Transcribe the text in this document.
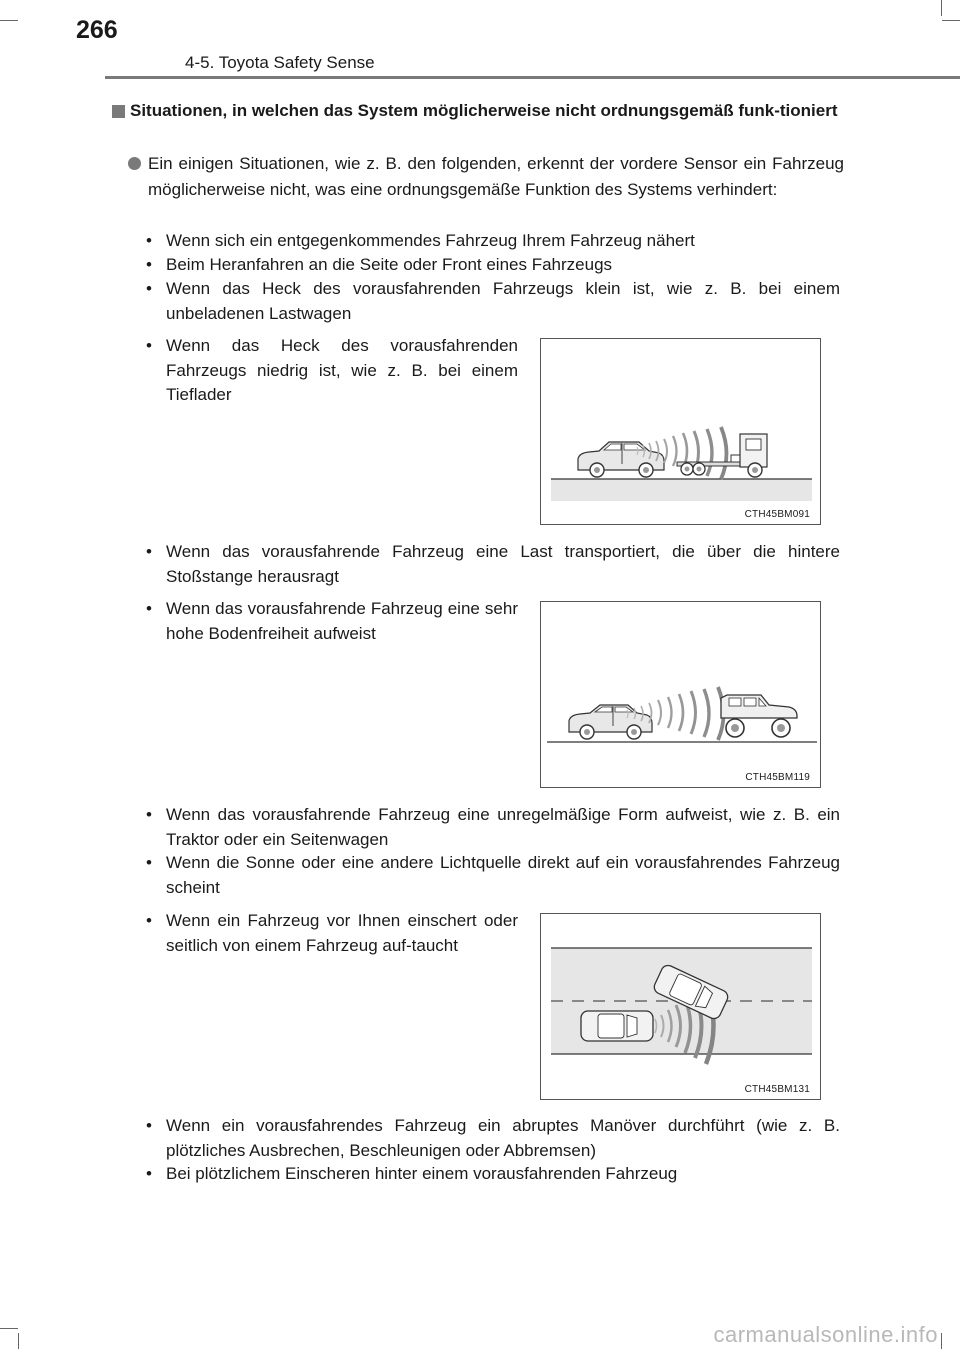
266
4-5. Toyota Safety Sense
Situationen, in welchen das System möglicherweise nicht ordnungsgemäß funk-tioniert
Ein einigen Situationen, wie z. B. den folgenden, erkennt der vordere Sensor ein Fahrzeug möglicherweise nicht, was eine ordnungsgemäße Funktion des Systems verhindert:
• Wenn sich ein entgegenkommendes Fahrzeug Ihrem Fahrzeug nähert
• Beim Heranfahren an die Seite oder Front eines Fahrzeugs
• Wenn das Heck des vorausfahrenden Fahrzeugs klein ist, wie z. B. bei einem unbeladenen Lastwagen
• Wenn das Heck des vorausfahrenden Fahrzeugs niedrig ist, wie z. B. bei einem Tieflader
CTH45BM091
• Wenn das vorausfahrende Fahrzeug eine Last transportiert, die über die hintere Stoßstange herausragt
• Wenn das vorausfahrende Fahrzeug eine sehr hohe Bodenfreiheit aufweist
CTH45BM119
• Wenn das vorausfahrende Fahrzeug eine unregelmäßige Form aufweist, wie z. B. ein Traktor oder ein Seitenwagen
• Wenn die Sonne oder eine andere Lichtquelle direkt auf ein vorausfahrendes Fahrzeug scheint
• Wenn ein Fahrzeug vor Ihnen einschert oder seitlich von einem Fahrzeug auf-taucht
CTH45BM131
• Wenn ein vorausfahrendes Fahrzeug ein abruptes Manöver durchführt (wie z. B. plötzliches Ausbrechen, Beschleunigen oder Abbremsen)
• Bei plötzlichem Einscheren hinter einem vorausfahrenden Fahrzeug
carmanualsonline.info
